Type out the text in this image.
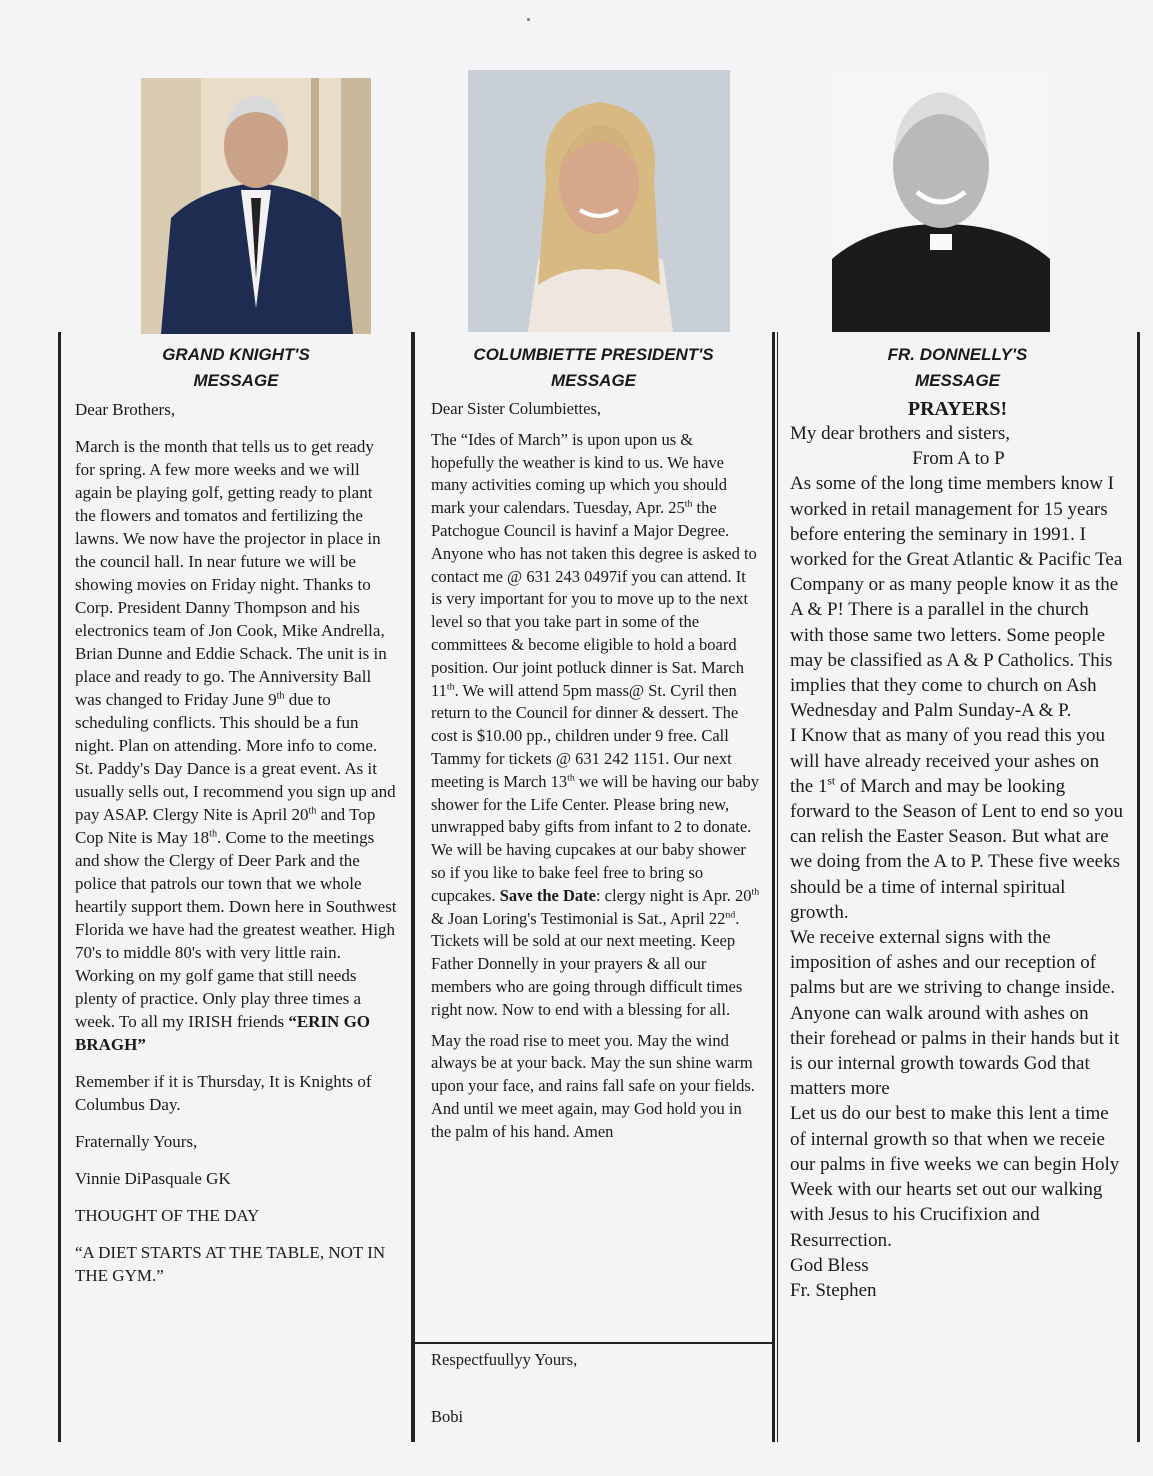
GRAND KNIGHT'S
MESSAGE

Dear Brothers,

March is the month that tells us to get ready for spring. A few more weeks and we will again be playing golf, getting ready to plant the flowers and tomatos and fertilizing the lawns. We now have the projector in place in the council hall. In near future we will be showing movies on Friday night. Thanks to Corp. President Danny Thompson and his electronics team of Jon Cook, Mike Andrella, Brian Dunne and Eddie Schack. The unit is in place and ready to go. The Anniversity Ball was changed to Friday June 9th due to scheduling conflicts. This should be a fun night. Plan on attending. More info to come. St. Paddy's Day Dance is a great event. As it usually sells out, I recommend you sign up and pay ASAP. Clergy Nite is April 20th and Top Cop Nite is May 18th. Come to the meetings and show the Clergy of Deer Park and the police that patrols our town that we whole heartily support them. Down here in Southwest Florida we have had the greatest weather. High 70's to middle 80's with very little rain. Working on my golf game that still needs plenty of practice. Only play three times a week. To all my IRISH friends “ERIN GO BRAGH”

Remember if it is Thursday, It is Knights of Columbus Day.

Fraternally Yours,

Vinnie DiPasquale GK

THOUGHT OF THE DAY

“A DIET STARTS AT THE TABLE, NOT IN THE GYM.”

COLUMBIETTE PRESIDENT'S
MESSAGE

Dear Sister Columbiettes,

The “Ides of March” is upon upon us & hopefully the weather is kind to us. We have many activities coming up which you should mark your calendars. Tuesday, Apr. 25th the Patchogue Council is havinf a Major Degree. Anyone who has not taken this degree is asked to contact me @ 631 243 0497if you can attend. It is very important for you to move up to the next level so that you take part in some of the committees & become eligible to hold a board position. Our joint potluck dinner is Sat. March 11th. We will attend 5pm mass@ St. Cyril then return to the Council for dinner & dessert. The cost is $10.00 pp., children under 9 free. Call Tammy for tickets @ 631 242 1151. Our next meeting is March 13th we will be having our baby shower for the Life Center. Please bring new, unwrapped baby gifts from infant to 2 to donate. We will be having cupcakes at our baby shower so if you like to bake feel free to bring so cupcakes. Save the Date: clergy night is Apr. 20th & Joan Loring's Testimonial is Sat., April 22nd. Tickets will be sold at our next meeting. Keep Father Donnelly in your prayers & all our members who are going through difficult times right now. Now to end with a blessing for all.

May the road rise to meet you. May the wind always be at your back. May the sun shine warm upon your face, and rains fall safe on your fields. And until we meet again, may God hold you in the palm of his hand. Amen

Respectfuullyy Yours,

Bobi

FR. DONNELLY'S
MESSAGE
PRAYERS!

My dear brothers and sisters,

From A to P

As some of the long time members know I worked in retail management for 15 years before entering the seminary in 1991. I worked for the Great Atlantic & Pacific Tea Company or as many people know it as the A & P! There is a parallel in the church with those same two letters. Some people may be classified as A & P Catholics. This implies that they come to church on Ash Wednesday and Palm Sunday-A & P.

I Know that as many of you read this you will have already received your ashes on the 1st of March and may be looking forward to the Season of Lent to end so you can relish the Easter Season. But what are we doing from the A to P. These five weeks should be a time of internal spiritual growth.

We receive external signs with the imposition of ashes and our reception of palms but are we striving to change inside. Anyone can walk around with ashes on their forehead or palms in their hands but it is our internal growth towards God that matters more

Let us do our best to make this lent a time of internal growth so that when we receie our palms in five weeks we can begin Holy Week with our hearts set out our walking with Jesus to his Crucifixion and Resurrection.

God Bless

Fr. Stephen
